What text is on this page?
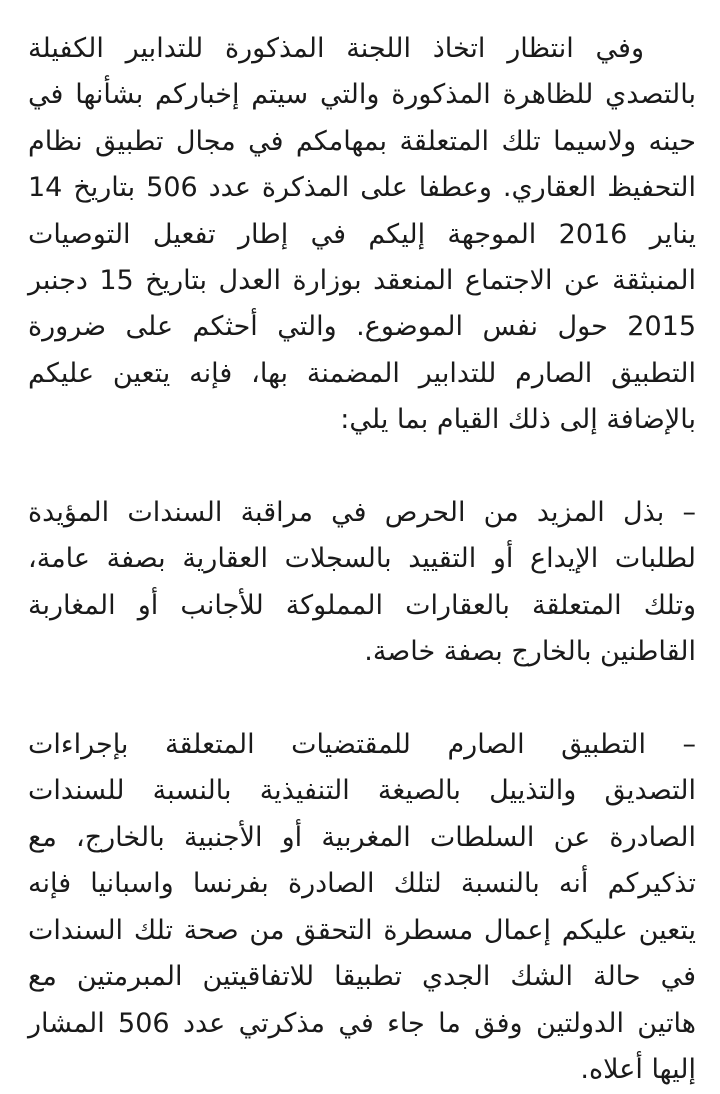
وفي انتظار اتخاذ اللجنة المذكورة للتدابير الكفيلة
بالتصدي للظاهرة المذكورة والتي سيتم إخباركم بشأنها في
حينه ولاسيما تلك المتعلقة بمهامكم في مجال تطبيق نظام
التحفيظ العقاري. وعطفا على المذكرة عدد 506 بتاريخ 14
يناير 2016 الموجهة إليكم في إطار تفعيل التوصيات
المنبثقة عن الاجتماع المنعقد بوزارة العدل بتاريخ 15 دجنبر
2015 حول نفس الموضوع. والتي أحثكم على ضرورة
التطبيق الصارم للتدابير المضمنة بها، فإنه يتعين عليكم
بالإضافة إلى ذلك القيام بما يلي:

– بذل المزيد من الحرص في مراقبة السندات المؤيدة
لطلبات الإيداع أو التقييد بالسجلات العقارية بصفة عامة،
وتلك المتعلقة بالعقارات المملوكة للأجانب أو المغاربة
القاطنين بالخارج بصفة خاصة.

– التطبيق الصارم للمقتضيات المتعلقة بإجراءات
التصديق والتذييل بالصيغة التنفيذية بالنسبة للسندات
الصادرة عن السلطات المغربية أو الأجنبية بالخارج، مع
تذكيركم أنه بالنسبة لتلك الصادرة بفرنسا واسبانيا فإنه
يتعين عليكم إعمال مسطرة التحقق من صحة تلك السندات
في حالة الشك الجدي تطبيقا للاتفاقيتين المبرمتين مع
هاتين الدولتين وفق ما جاء في مذكرتي عدد 506 المشار
إليها أعلاه.
